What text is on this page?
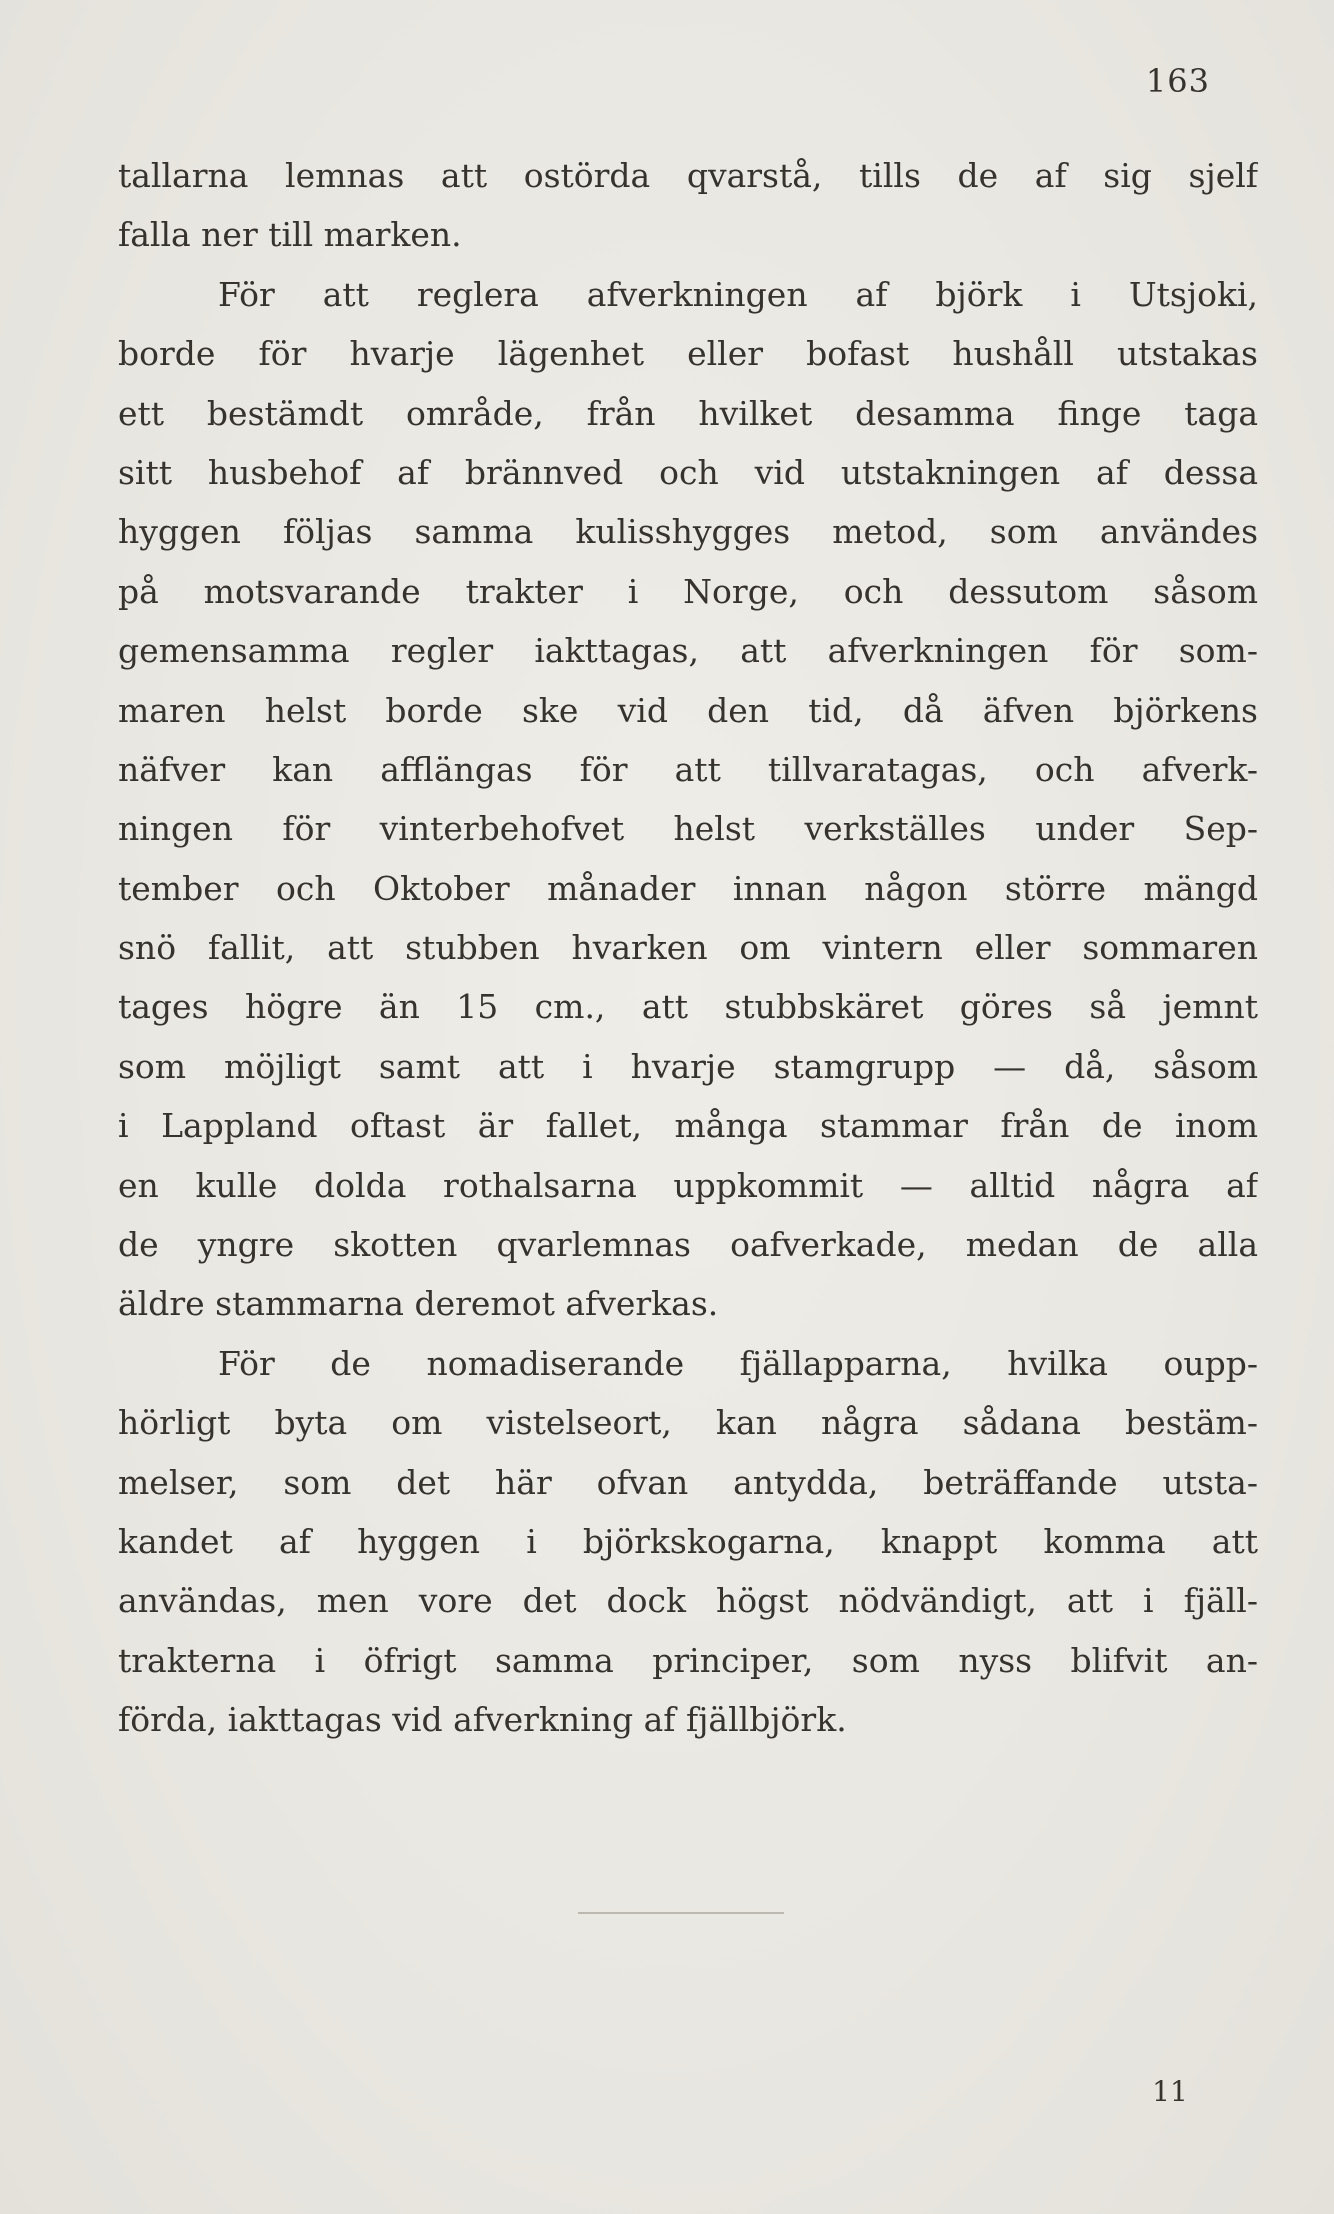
163
tallarna lemnas att ostörda qvarstå, tills de af sig sjelf
falla ner till marken.
För att reglera afverkningen af björk i Utsjoki,
borde för hvarje lägenhet eller bofast hushåll utstakas
ett bestämdt område, från hvilket desamma finge taga
sitt husbehof af brännved och vid utstakningen af dessa
hyggen följas samma kulisshygges metod, som användes
på motsvarande trakter i Norge, och dessutom såsom
gemensamma regler iakttagas, att afverkningen för som-
maren helst borde ske vid den tid, då äfven björkens
näfver kan afflängas för att tillvaratagas, och afverk-
ningen för vinterbehofvet helst verkställes under Sep-
tember och Oktober månader innan någon större mängd
snö fallit, att stubben hvarken om vintern eller sommaren
tages högre än 15 cm., att stubbskäret göres så jemnt
som möjligt samt att i hvarje stamgrupp — då, såsom
i Lappland oftast är fallet, många stammar från de inom
en kulle dolda rothalsarna uppkommit — alltid några af
de yngre skotten qvarlemnas oafverkade, medan de alla
äldre stammarna deremot afverkas.
För de nomadiserande fjällapparna, hvilka oupp-
hörligt byta om vistelseort, kan några sådana bestäm-
melser, som det här ofvan antydda, beträffande utsta-
kandet af hyggen i björkskogarna, knappt komma att
användas, men vore det dock högst nödvändigt, att i fjäll-
trakterna i öfrigt samma principer, som nyss blifvit an-
förda, iakttagas vid afverkning af fjällbjörk.
11
